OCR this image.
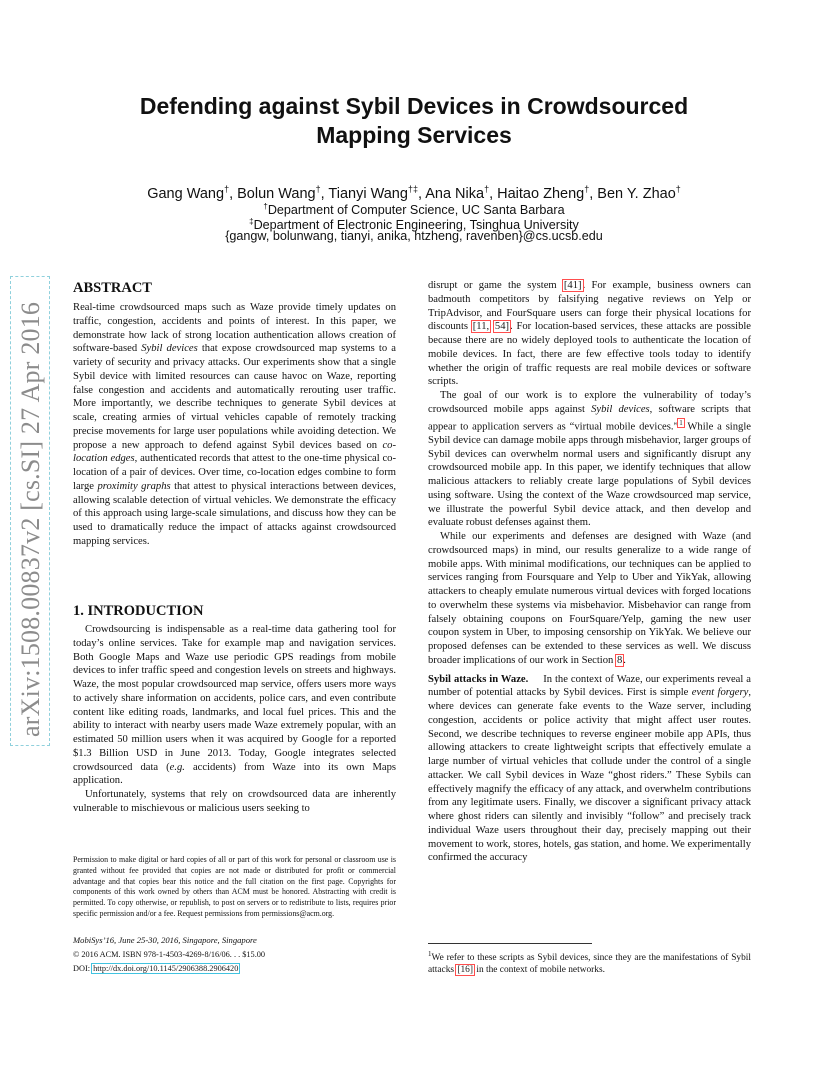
arXiv:1508.00837v2 [cs.SI] 27 Apr 2016
Defending against Sybil Devices in Crowdsourced
Mapping Services
Gang Wang†, Bolun Wang†, Tianyi Wang†‡, Ana Nika†, Haitao Zheng†, Ben Y. Zhao†
†Department of Computer Science, UC Santa Barbara
‡Department of Electronic Engineering, Tsinghua University
{gangw, bolunwang, tianyi, anika, htzheng, ravenben}@cs.ucsb.edu
ABSTRACT

Real-time crowdsourced maps such as Waze provide timely updates on traffic, congestion, accidents and points of interest. In this paper, we demonstrate how lack of strong location authentication allows creation of software-based Sybil devices that expose crowdsourced map systems to a variety of security and privacy attacks. Our experiments show that a single Sybil device with limited resources can cause havoc on Waze, reporting false congestion and accidents and automatically rerouting user traffic. More importantly, we describe techniques to generate Sybil devices at scale, creating armies of virtual vehicles capable of remotely tracking precise movements for large user populations while avoiding detection. We propose a new approach to defend against Sybil devices based on co-location edges, authenticated records that attest to the one-time physical co-location of a pair of devices. Over time, co-location edges combine to form large proximity graphs that attest to physical interactions between devices, allowing scalable detection of virtual vehicles. We demonstrate the efficacy of this approach using large-scale simulations, and discuss how they can be used to dramatically reduce the impact of attacks against crowdsourced mapping services.

1. INTRODUCTION

Crowdsourcing is indispensable as a real-time data gathering tool for today’s online services. Take for example map and navigation services. Both Google Maps and Waze use periodic GPS readings from mobile devices to infer traffic speed and congestion levels on streets and highways. Waze, the most popular crowdsourced map service, offers users more ways to actively share information on accidents, police cars, and even contribute content like editing roads, landmarks, and local fuel prices. This and the ability to interact with nearby users made Waze extremely popular, with an estimated 50 million users when it was acquired by Google for a reported $1.3 Billion USD in June 2013. Today, Google integrates selected crowdsourced data (e.g. accidents) from Waze into its own Maps application.

Unfortunately, systems that rely on crowdsourced data are inherently vulnerable to mischievous or malicious users seeking to

Permission to make digital or hard copies of all or part of this work for personal or classroom use is granted without fee provided that copies are not made or distributed for profit or commercial advantage and that copies bear this notice and the full citation on the first page. Copyrights for components of this work owned by others than ACM must be honored. Abstracting with credit is permitted. To copy otherwise, or republish, to post on servers or to redistribute to lists, requires prior specific permission and/or a fee. Request permissions from permissions@acm.org.
MobiSys’16, June 25-30, 2016, Singapore, Singapore
© 2016 ACM. ISBN 978-1-4503-4269-8/16/06. . . $15.00
DOI: http://dx.doi.org/10.1145/2906388.2906420

disrupt or game the system [41]. For example, business owners can badmouth competitors by falsifying negative reviews on Yelp or TripAdvisor, and FourSquare users can forge their physical locations for discounts [11, 54]. For location-based services, these attacks are possible because there are no widely deployed tools to authenticate the location of mobile devices. In fact, there are few effective tools today to identify whether the origin of traffic requests are real mobile devices or software scripts.

The goal of our work is to explore the vulnerability of today’s crowdsourced mobile apps against Sybil devices, software scripts that appear to application servers as “virtual mobile devices.”$^1$ While a single Sybil device can damage mobile apps through misbehavior, larger groups of Sybil devices can overwhelm normal users and significantly disrupt any crowdsourced mobile app. In this paper, we identify techniques that allow malicious attackers to reliably create large populations of Sybil devices using software. Using the context of the Waze crowdsourced map service, we illustrate the powerful Sybil device attack, and then develop and evaluate robust defenses against them.

While our experiments and defenses are designed with Waze (and crowdsourced maps) in mind, our results generalize to a wide range of mobile apps. With minimal modifications, our techniques can be applied to services ranging from Foursquare and Yelp to Uber and YikYak, allowing attackers to cheaply emulate numerous virtual devices with forged locations to overwhelm these systems via misbehavior. Misbehavior can range from falsely obtaining coupons on FourSquare/Yelp, gaming the new user coupon system in Uber, to imposing censorship on YikYak. We believe our proposed defenses can be extended to these services as well. We discuss broader implications of our work in Section 8.

Sybil attacks in Waze. In the context of Waze, our experiments reveal a number of potential attacks by Sybil devices. First is simple event forgery, where devices can generate fake events to the Waze server, including congestion, accidents or police activity that might affect user routes. Second, we describe techniques to reverse engineer mobile app APIs, thus allowing attackers to create lightweight scripts that effectively emulate a large number of virtual vehicles that collude under the control of a single attacker. We call Sybil devices in Waze “ghost riders.” These Sybils can effectively magnify the efficacy of any attack, and overwhelm contributions from any legitimate users. Finally, we discover a significant privacy attack where ghost riders can silently and invisibly “follow” and precisely track individual Waze users throughout their day, precisely mapping out their movement to work, stores, hotels, gas station, and home. We experimentally confirmed the accuracy

$^1$We refer to these scripts as Sybil devices, since they are the manifestations of Sybil attacks [16] in the context of mobile networks.
